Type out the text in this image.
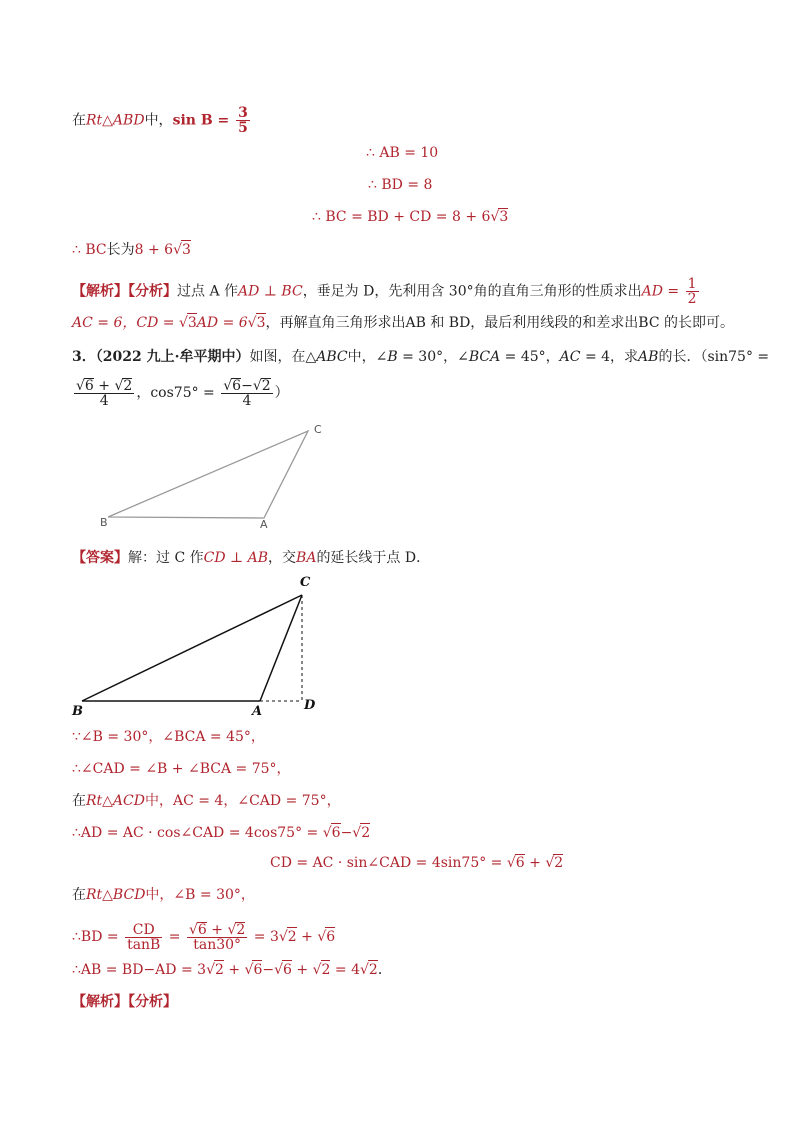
在Rt△ABD中，$\sin B = \frac{3}{5}$
∴ AB = 10
∴ BD = 8
∴ BC = BD + CD = 8 + 6√3
∴ BC长为8 + 6√3
【解析】【分析】过点 A 作AD ⊥ BC，垂足为 D，先利用含 30°角的直角三角形的性质求出AD = $\frac{1}{2}$
AC = 6，CD = √3AD = 6√3，再解直角三角形求出AB 和 BD，最后利用线段的和差求出BC 的长即可。
3．（2022 九上·牟平期中）如图，在△ABC中，∠B = 30°，∠BCA = 45°，AC = 4，求AB的长．（sin75° =
$\frac{√6 + √2}{4}$ ，$\cos 75^\circ = \frac{√6-√2}{4}$ ）
B	A
C
【答案】解：过 C 作CD ⊥ AB，交BA的延长线于点 D．
B	A
C
D
∵∠B = 30°，∠BCA = 45°，
∴∠CAD = ∠B + ∠BCA = 75°，
在Rt△ACD中，AC = 4，∠CAD = 75°，
∴AD = AC · cos∠CAD = 4cos75° = √6−√2
CD = AC · sin∠CAD = 4sin75° = √6 + √2
在Rt△BCD中，∠B = 30°，
∴BD = $\frac{CD}{\tan B} = \frac{√6 + √2}{\tan 30^\circ} = 3√2 + √6$
∴AB = BD−AD = 3√2 + √6−√6 + √2 = 4√2．
【解析】【分析】
